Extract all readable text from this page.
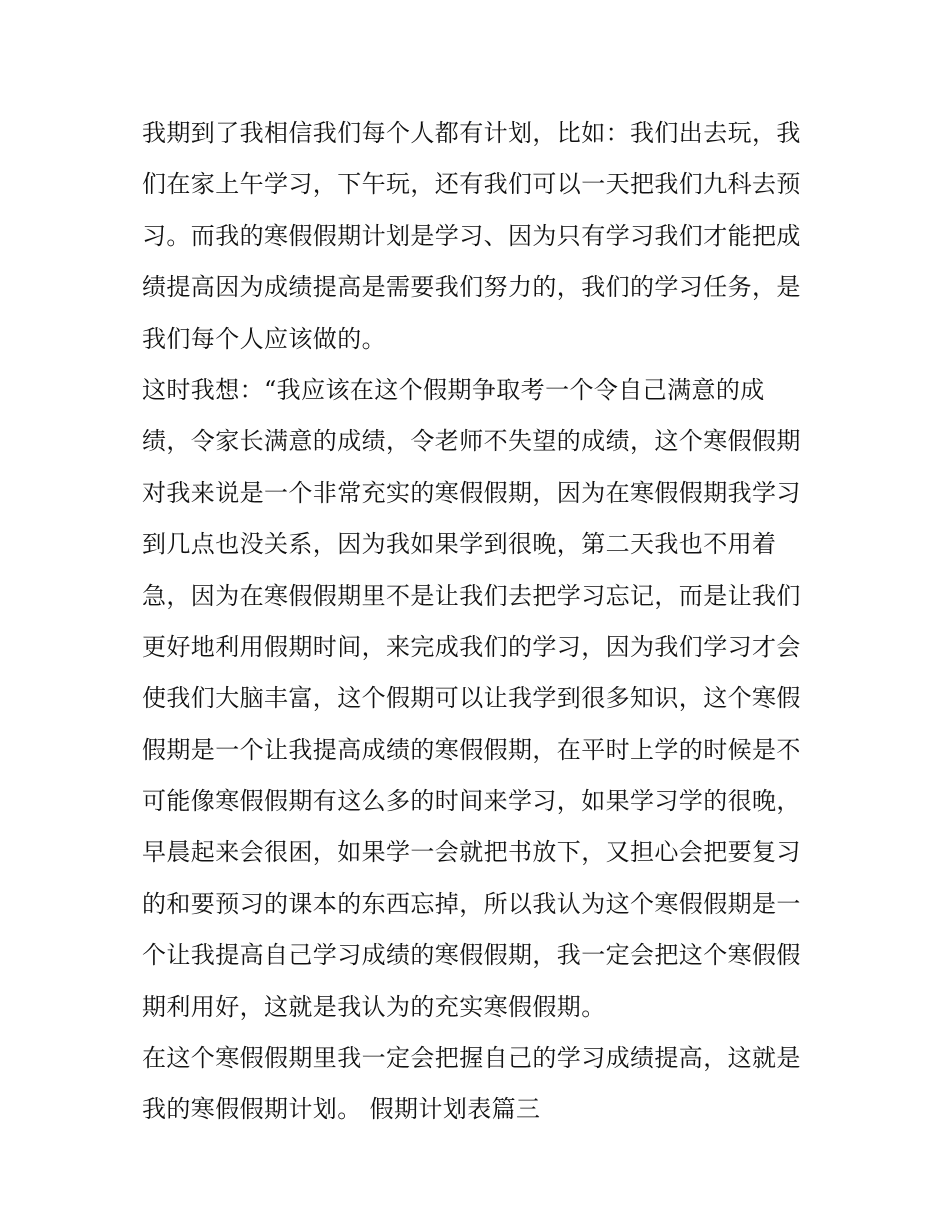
我期到了我相信我们每个人都有计划，比如：我们出去玩，我
们在家上午学习，下午玩，还有我们可以一天把我们九科去预
习。而我的寒假假期计划是学习、因为只有学习我们才能把成
绩提高因为成绩提高是需要我们努力的，我们的学习任务，是
我们每个人应该做的。
这时我想：“我应该在这个假期争取考一个令自己满意的成
绩，令家长满意的成绩，令老师不失望的成绩，这个寒假假期
对我来说是一个非常充实的寒假假期，因为在寒假假期我学习
到几点也没关系，因为我如果学到很晚，第二天我也不用着
急，因为在寒假假期里不是让我们去把学习忘记，而是让我们
更好地利用假期时间，来完成我们的学习，因为我们学习才会
使我们大脑丰富，这个假期可以让我学到很多知识，这个寒假
假期是一个让我提高成绩的寒假假期，在平时上学的时候是不
可能像寒假假期有这么多的时间来学习，如果学习学的很晚，
早晨起来会很困，如果学一会就把书放下，又担心会把要复习
的和要预习的课本的东西忘掉，所以我认为这个寒假假期是一
个让我提高自己学习成绩的寒假假期，我一定会把这个寒假假
期利用好，这就是我认为的充实寒假假期。
在这个寒假假期里我一定会把握自己的学习成绩提高，这就是
我的寒假假期计划。 假期计划表篇三
